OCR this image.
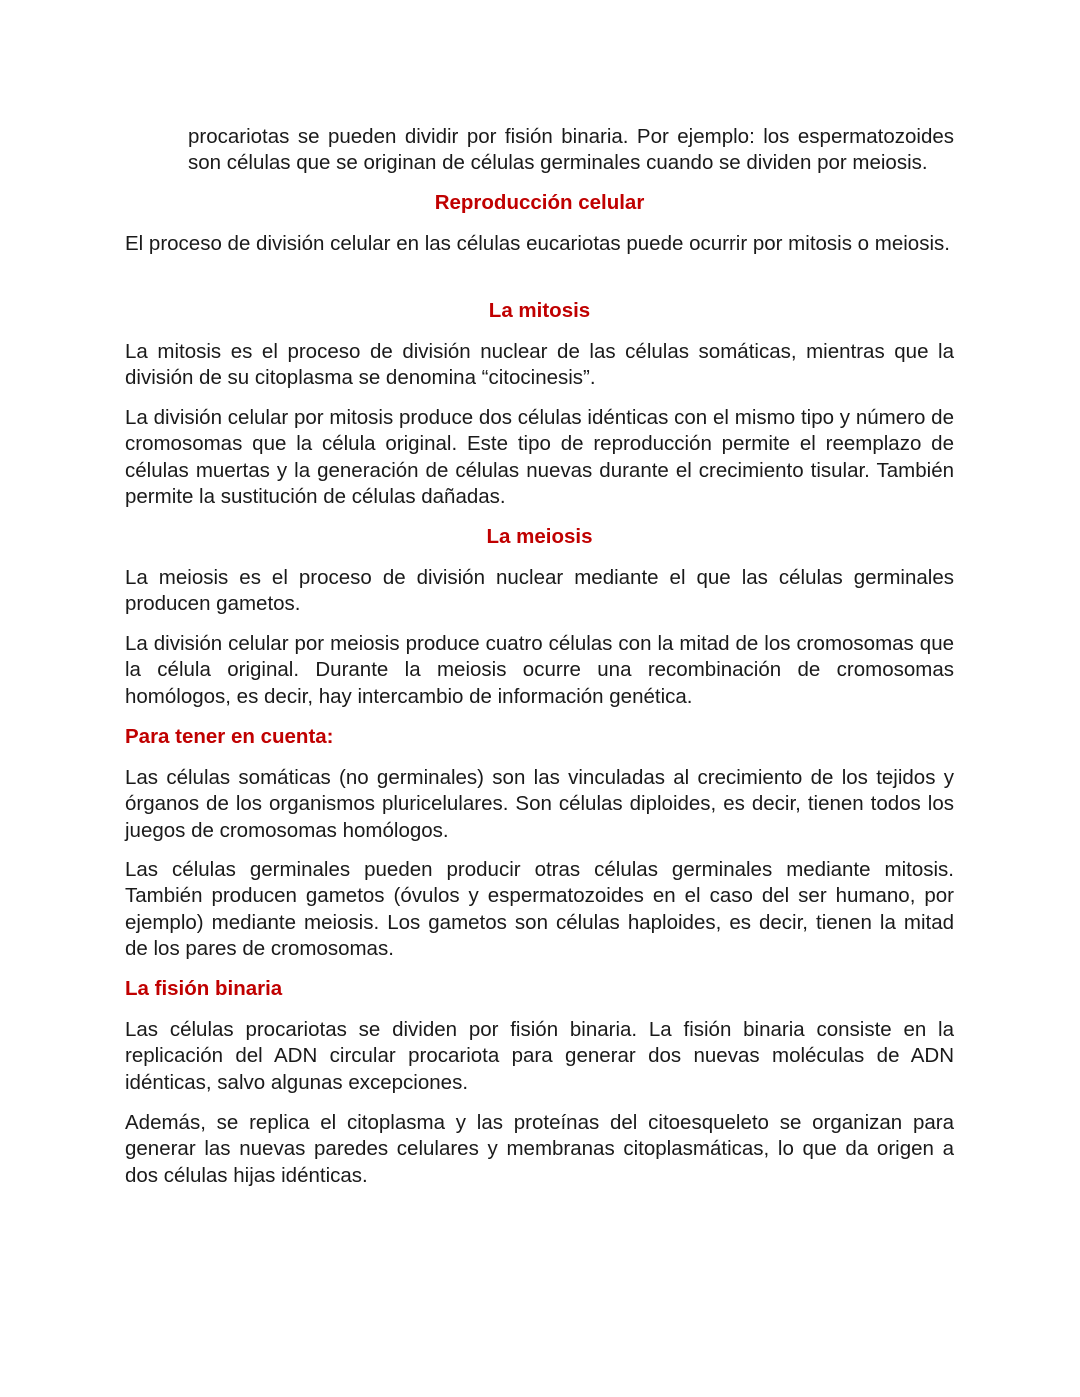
procariotas se pueden dividir por fisión binaria. Por ejemplo: los espermatozoides son células que se originan de células germinales cuando se dividen por meiosis.

Reproducción celular

El proceso de división celular en las células eucariotas puede ocurrir por mitosis o meiosis.

La mitosis

La mitosis es el proceso de división nuclear de las células somáticas, mientras que la división de su citoplasma se denomina “citocinesis”.

La división celular por mitosis produce dos células idénticas con el mismo tipo y número de cromosomas que la célula original. Este tipo de reproducción permite el reemplazo de células muertas y la generación de células nuevas durante el crecimiento tisular. También permite la sustitución de células dañadas.

La meiosis

La meiosis es el proceso de división nuclear mediante el que las células germinales producen gametos.

La división celular por meiosis produce cuatro células con la mitad de los cromosomas que la célula original. Durante la meiosis ocurre una recombinación de cromosomas homólogos, es decir, hay intercambio de información genética.

Para tener en cuenta:

Las células somáticas (no germinales) son las vinculadas al crecimiento de los tejidos y órganos de los organismos pluricelulares. Son células diploides, es decir, tienen todos los juegos de cromosomas homólogos.

Las células germinales pueden producir otras células germinales mediante mitosis. También producen gametos (óvulos y espermatozoides en el caso del ser humano, por ejemplo) mediante meiosis. Los gametos son células haploides, es decir, tienen la mitad de los pares de cromosomas.

La fisión binaria

Las células procariotas se dividen por fisión binaria. La fisión binaria consiste en la replicación del ADN circular procariota para generar dos nuevas moléculas de ADN idénticas, salvo algunas excepciones.

Además, se replica el citoplasma y las proteínas del citoesqueleto se organizan para generar las nuevas paredes celulares y membranas citoplasmáticas, lo que da origen a dos células hijas idénticas.
